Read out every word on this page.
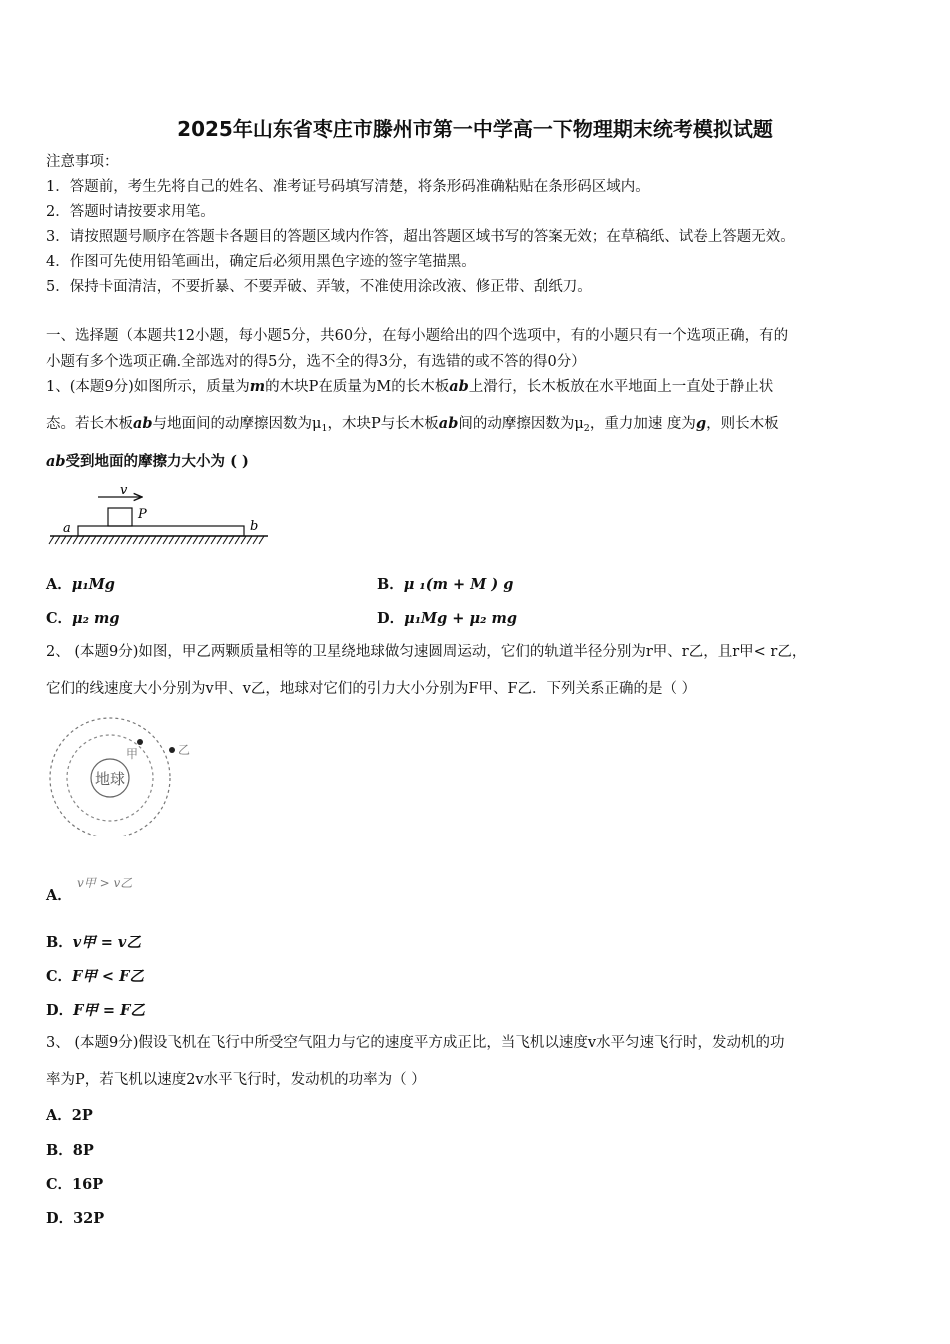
2025年山东省枣庄市滕州市第一中学高一下物理期末统考模拟试题
注意事项：
1．答题前，考生先将自己的姓名、准考证号码填写清楚，将条形码准确粘贴在条形码区域内。
2．答题时请按要求用笔。
3．请按照题号顺序在答题卡各题目的答题区域内作答，超出答题区域书写的答案无效；在草稿纸、试卷上答题无效。
4．作图可先使用铅笔画出，确定后必须用黑色字迹的签字笔描黑。
5．保持卡面清洁，不要折暴、不要弄破、弄皱，不准使用涂改液、修正带、刮纸刀。
一、选择题（本题共12小题，每小题5分，共60分，在每小题给出的四个选项中，有的小题只有一个选项正确，有的
小题有多个选项正确.全部选对的得5分，选不全的得3分，有选错的或不答的得0分）
1、(本题9分)如图所示，质量为m的木块P在质量为M的长木板ab上滑行，长木板放在水平地面上一直处于静止状
态。若长木板ab与地面间的动摩擦因数为$\mu_1$，木块P与长木板ab间的动摩擦因数为$\mu_2$，重力加速 度为g，则长木板
ab受到地面的摩擦力大小为 ( )
v
P
a	b
A．μ₁Mg	B．μ ₁(m + M ) g
C．μ₂ mg	D．μ₁Mg + μ₂ mg
2、 (本题9分)如图，甲乙两颗质量相等的卫星绕地球做匀速圆周运动，它们的轨道半径分别为r甲、r乙，且r甲< r乙，
它们的线速度大小分别为v甲、v乙，地球对它们的引力大小分别为F甲、F乙．下列关系正确的是（ ）
地球
甲	乙
A．
v甲 > v乙
B．v甲 = v乙
C．F甲 < F乙
D．F甲 = F乙
3、 (本题9分)假设飞机在飞行中所受空气阻力与它的速度平方成正比，当飞机以速度v水平匀速飞行时，发动机的功
率为P，若飞机以速度2v水平飞行时，发动机的功率为（ ）
A．2P
B．8P
C．16P
D．32P
